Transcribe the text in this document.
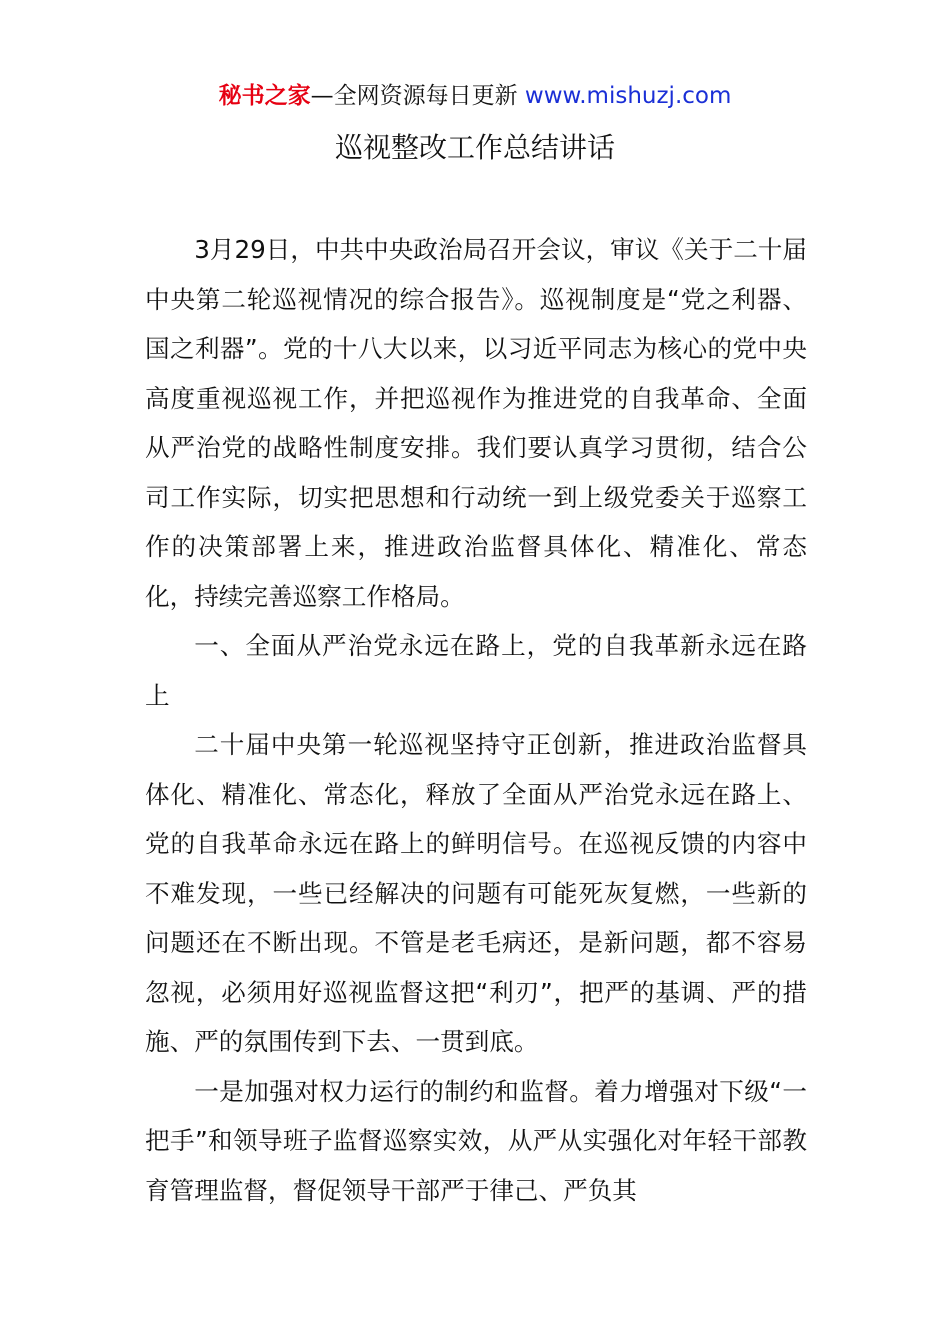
秘书之家—全网资源每日更新 www.mishuzj.com
巡视整改工作总结讲话

3月29日，中共中央政治局召开会议，审议《关于二十届中央第二轮巡视情况的综合报告》。巡视制度是“党之利器、国之利器”。党的十八大以来，以习近平同志为核心的党中央高度重视巡视工作，并把巡视作为推进党的自我革命、全面从严治党的战略性制度安排。我们要认真学习贯彻，结合公司工作实际，切实把思想和行动统一到上级党委关于巡察工作的决策部署上来，推进政治监督具体化、精准化、常态化，持续完善巡察工作格局。

一、全面从严治党永远在路上，党的自我革新永远在路上

二十届中央第一轮巡视坚持守正创新，推进政治监督具体化、精准化、常态化，释放了全面从严治党永远在路上、党的自我革命永远在路上的鲜明信号。在巡视反馈的内容中不难发现，一些已经解决的问题有可能死灰复燃，一些新的问题还在不断出现。不管是老毛病还，是新问题，都不容易忽视，必须用好巡视监督这把“利刃”，把严的基调、严的措施、严的氛围传到下去、一贯到底。

一是加强对权力运行的制约和监督。着力增强对下级“一把手”和领导班子监督巡察实效，从严从实强化对年轻干部教育管理监督，督促领导干部严于律己、严负其
